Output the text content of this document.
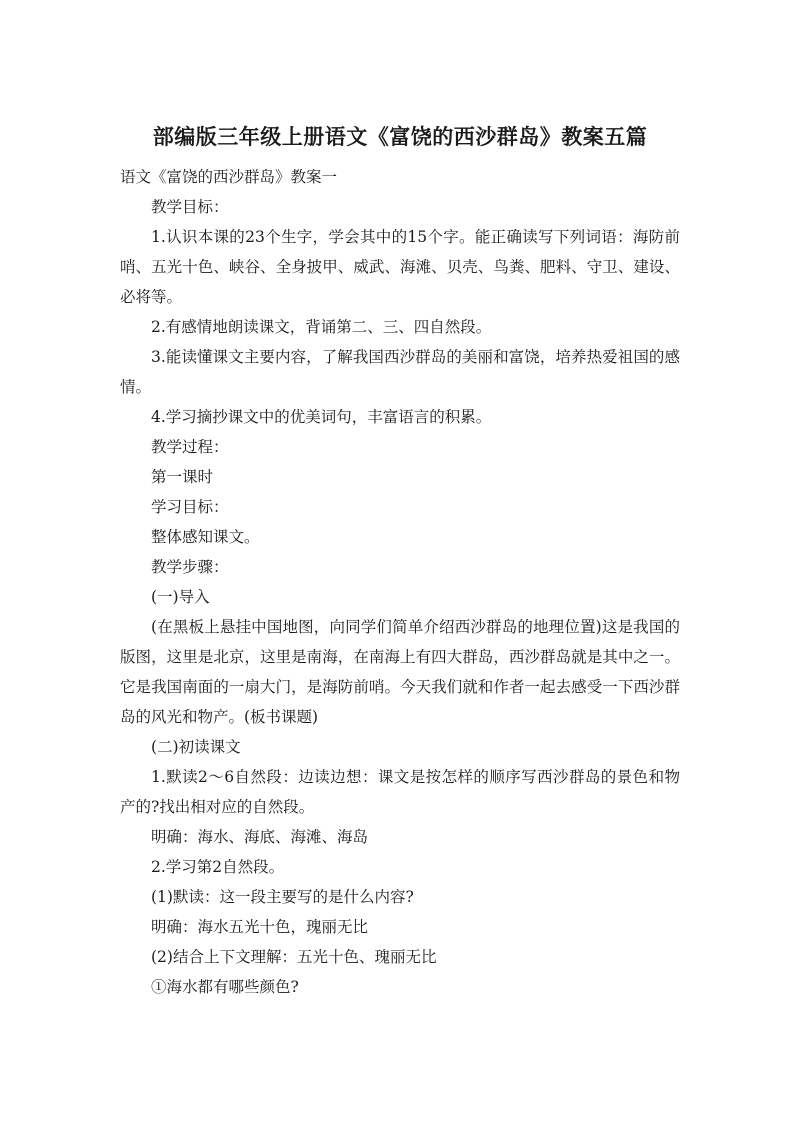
部编版三年级上册语文《富饶的西沙群岛》教案五篇

语文《富饶的西沙群岛》教案一

教学目标：

1.认识本课的23个生字，学会其中的15个字。能正确读写下列词语：海防前哨、五光十色、峡谷、全身披甲、威武、海滩、贝壳、鸟粪、肥料、守卫、建设、必将等。

2.有感情地朗读课文，背诵第二、三、四自然段。

3.能读懂课文主要内容，了解我国西沙群岛的美丽和富饶，培养热爱祖国的感情。

4.学习摘抄课文中的优美词句，丰富语言的积累。

教学过程：

第一课时

学习目标：

整体感知课文。

教学步骤：

(一)导入

(在黑板上悬挂中国地图，向同学们简单介绍西沙群岛的地理位置)这是我国的版图，这里是北京，这里是南海，在南海上有四大群岛，西沙群岛就是其中之一。它是我国南面的一扇大门，是海防前哨。今天我们就和作者一起去感受一下西沙群岛的风光和物产。(板书课题)

(二)初读课文

1.默读2～6自然段：边读边想：课文是按怎样的顺序写西沙群岛的景色和物产的?找出相对应的自然段。

明确：海水、海底、海滩、海岛

2.学习第2自然段。

(1)默读：这一段主要写的是什么内容?

明确：海水五光十色，瑰丽无比

(2)结合上下文理解：五光十色、瑰丽无比

①海水都有哪些颜色?
